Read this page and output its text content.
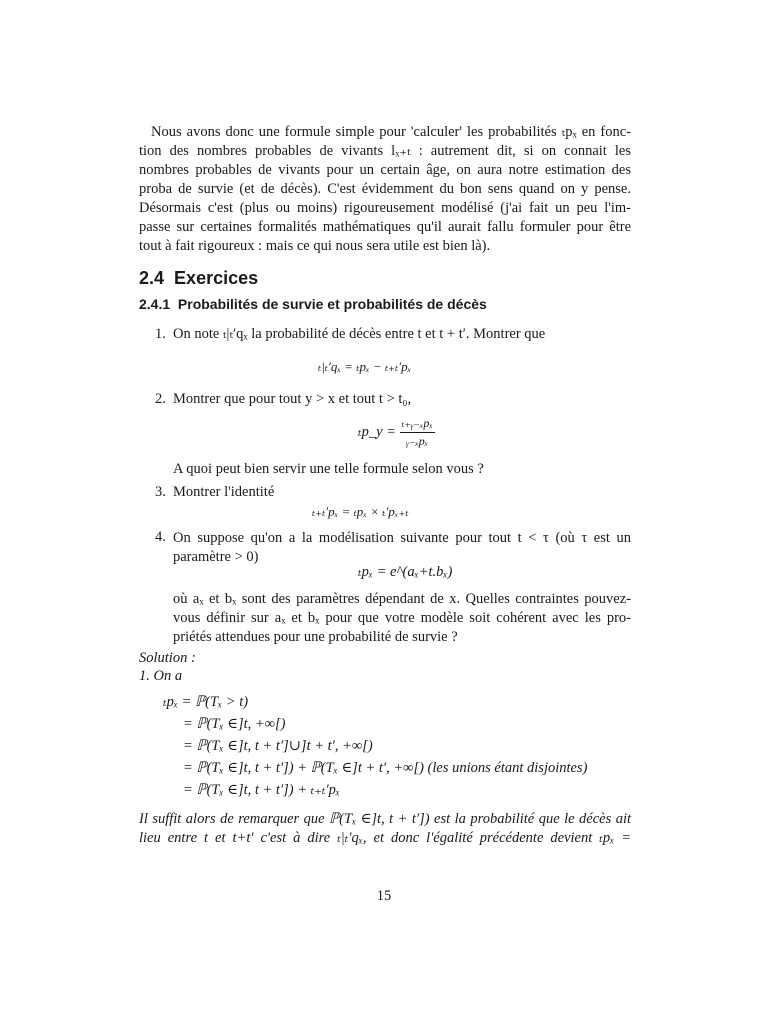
Nous avons donc une formule simple pour 'calculer' les probabilités ₜpₓ en fonc-
tion des nombres probables de vivants lₓ₊ₜ : autrement dit, si on connait les
nombres probables de vivants pour un certain âge, on aura notre estimation des
proba de survie (et de décès). C'est évidemment du bon sens quand on y pense.
Désormais c'est (plus ou moins) rigoureusement modélisé (j'ai fait un peu l'im-
passe sur certaines formalités mathématiques qu'il aurait fallu formuler pour être
tout à fait rigoureux : mais ce qui nous sera utile est bien là).
2.4 Exercices
2.4.1 Probabilités de survie et probabilités de décès
1. On note ₜ|ₜ′qₓ la probabilité de décès entre t et t + t′. Montrer que
ₜ|ₜ′qₓ = ₜpₓ − ₜ₊ₜ′pₓ
2. Montrer que pour tout y > x et tout t > t₀,
ₜp_y = $\frac{\text{ₜ₊ᵧ₋ₓpₓ}}{\text{ᵧ₋ₓpₓ}}$
A quoi peut bien servir une telle formule selon vous ?
3. Montrer l'identité
ₜ₊ₜ′pₓ = ₜpₓ × ₜ′pₓ₊ₜ
4. On suppose qu'on a la modélisation suivante pour tout t < τ (où τ est un
paramètre > 0)
ₜpₓ = e^(aₓ+t.bₓ)
où aₓ et bₓ sont des paramètres dépendant de x. Quelles contraintes pouvez-
vous définir sur aₓ et bₓ pour que votre modèle soit cohérent avec les pro-
priétés attendues pour une probabilité de survie ?
Solution :
1. On a
ₜpₓ = ℙ(Tₓ > t)
= ℙ(Tₓ ∈]t, +∞[)
= ℙ(Tₓ ∈]t, t + t′]∪]t + t′, +∞[)
= ℙ(Tₓ ∈]t, t + t′]) + ℙ(Tₓ ∈]t + t′, +∞[) (les unions étant disjointes)
= ℙ(Tₓ ∈]t, t + t′]) + ₜ₊ₜ′pₓ
Il suffit alors de remarquer que ℙ(Tₓ ∈]t, t + t′]) est la probabilité que le décès ait
lieu entre t et t+t' c'est à dire ₜ|ₜ′qₓ, et donc l'égalité précédente devient ₜpₓ =
15
